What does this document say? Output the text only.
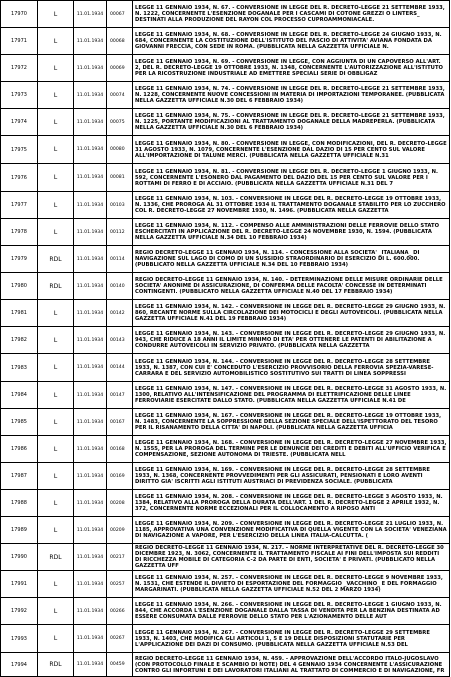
17970	L	11.01.1934 00067
LEGGE 11 GENNAIO 1934, N. 67. - CONVERSIONE IN LEGGE DEL R. DECRETO-LEGGE 21 SETTEMBRE 1933, N. 1222, CONCERNENTE L'ESENZIONE DOGANALE PER I CASCAMI DI COTONE GREZZI O LINTERS_ DESTINATI ALLA PRODUZIONE DEL RAYON COL PROCESSO CUPROAMMONIACALE.
17971	L	11.01.1934 00068
LEGGE 11 GENNAIO 1934, N. 68. - CONVERSIONE IN LEGGE DEL R. DECRETO-LEGGE 24 GIUGNO 1933, N. 684, CONCERNENTE LA COSTITUZIONE DELL'ISTITUTO DEL FASCIO DI ATTIVITA' AVIANA FONDATA DA GIOVANNI FRECCIA, CON SEDE IN ROMA. (PUBBLICATA NELLA GAZZETTA UFFICIALE N.
17972	L	11.01.1934 00069
LEGGE 11 GENNAIO 1934, N. 69. - CONVERSIONE IN LEGGE, CON AGGIUNTA DI UN CAPOVERSO ALL'ART. 2, DEL R. DECRETO-LEGGE 19 OTTOBRE 1933, N. 1348, CONCERNENTE L'AUTORIZZAZIONE ALL'ISTITUTO PER LA RICOSTRUZIONE INDUSTRIALE AD EMETTERE SPECIALI SERIE DI OBBLIGAZ
17973	L	11.01.1934 00074
LEGGE 11 GENNAIO 1934, N. 74. - CONVERSIONE IN LEGGE DEL R. DECRETO-LEGGE 21 SETTEMBRE 1933, N. 1228, CONCERNENTE NUOVE CONCESSIONI IN MATERIA DI IMPORTAZIONI TEMPORANEE. (PUBBLICATA NELLA GAZZETTA UFFICIALE N.30 DEL 6 FEBBRAIO 1934)
17974	L	11.01.1934 00075
LEGGE 11 GENNAIO 1934, N. 75. - CONVERSIONE IN LEGGE DEL R. DECRETO-LEGGE 21 SETTEMBRE 1933, N. 1225, PORTANTE MODIFICAZIONI AL TRATTAMENTO DOGANALE DELLA MADREPERLA. (PUBBLICATA NELLA GAZZETTA UFFICIALE N.30 DEL 6 FEBBRAIO 1934)
17975	L	11.01.1934 00080
LEGGE 11 GENNAIO 1934, N. 80. - CONVERSIONE IN LEGGE, CON MODIFICAZIONI, DEL R. DECRETO-LEGGE 31 AGOSTO 1933, N. 1079, CONCERNENTE L'ESENZIONE DAL DAZIO DI 15 PER CENTO SUL VALORE ALL'IMPORTAZIONE DI TALUNE MERCI. (PUBBLICATA NELLA GAZZETTA UFFICIALE N.31
17976	L	11.01.1934 00081
LEGGE 11 GENNAIO 1934, N. 81. - CONVERSIONE IN LEGGE DEL R. DECRETO-LEGGE 1 GIUGNO 1933, N. 592, CONCERNENTE L'ESONERO DAL PAGAMENTO DEL DAZIO DEL 15 PER CENTO SUL VALORE PER I ROTTAMI DI FERRO E DI ACCIAIO. (PUBBLICATA NELLA GAZZETTA UFFICIALE N.31 DEL 7
17977	L	11.01.1934 00103
LEGGE 11 GENNAIO 1934, N. 103. - CONVERSIONE IN LEGGE DEL R. DECRETO-LEGGE 19 OTTOBRE 1933, N. 1336, CHE PROROGA AL 31 OTTOBRE 1934 IL TRATTAMENTO DOGANALE STABILITO PER LO ZUCCHERO COL R. DECRETO-LEGGE 27 NOVEMBRE 1930, N. 1496. (PUBBLICATA NELLA GAZZETTA
17978	L	11.01.1934 00112
LEGGE 11 GENNAIO 1934, N. 112. - COMPENSO ALLE AMMINISTRAZIONI DELLE FERROVIE DELLO STATO ESCHERCITATI IN APPLICAZIONE DEL R. DECRETO-LEGGE 24 NOVEMBRE 1930, N. 1594. (PUBBLICATA NELLA GAZZETTA UFFICIALE N.34 DEL 10 FEBBRAIO 1934)
17979	RDL	11.01.1934 00114
REGIO DECRETO-LEGGE 11 GENNAIO 1934, N. 114. - CONCESSIONE ALLA SOCIETA' _ITALIANA_ DI NAVIGAZIONE SUL LAGO DI COMO DI UN SUSSIDIO STRAORDINARIO DI ESERCIZIO DI L. 600.000. (PUBBLICATO NELLA GAZZETTA UFFICIALE N.34 DEL 10 FEBBRAIO 1934)
17980	RDL	11.01.1934 00140
REGIO DECRETO-LEGGE 11 GENNAIO 1934, N. 140. - DETERMINAZIONE DELLE MISURE ORDINARIE DELLE SOCIETA' ANONIME DI ASSICURAZIONE, DI CONFERMA DELLE FACOLTA' CONCESSE IN DETERMINATI CONTINGENTI. (PUBBLICATO NELLA GAZZETTA UFFICIALE N.40 DEL 17 FEBBRAIO 1934)
17981	L	11.01.1934 00142
LEGGE 11 GENNAIO 1934, N. 142. - CONVERSIONE IN LEGGE DEL R. DECRETO-LEGGE 29 GIUGNO 1933, N. 860, RECANTE NORME SULLA CIRCOLAZIONE DEI MOTOCICLI E DEGLI AUTOVEICOLI. (PUBBLICATA NELLA GAZZETTA UFFICIALE N.41 DEL 19 FEBBRAIO 1934)
17982	L	11.01.1934 00143
LEGGE 11 GENNAIO 1934, N. 143. - CONVERSIONE IN LEGGE DEL R. DECRETO-LEGGE 29 GIUGNO 1933, N. 943, CHE RIDUCE A 18 ANNI IL LIMITE MINIMO DI ETA' PER OTTENERE LE PATENTI DI ABILITAZIONE A CONDURRE AUTOVEICOLI IN SERVIZIO PRIVATO. (PUBBLICATA NELLA GAZZETTA
17983	L	11.01.1934 00144
LEGGE 11 GENNAIO 1934, N. 144. - CONVERSIONE IN LEGGE DEL R. DECRETO-LEGGE 28 SETTEMBRE 1933, N. 1387, CON CUI E' CONCEDUTO L'ESERCIZIO PROVVISORIO DELLA FERROVIA SPEZIA-VARESE-CARRARA E DEL SERVIZIO AUTOMOBILISTICO SOSTITUTIVO SUI TRATTI DI LINEA SOPPRESSI
17984	L	11.01.1934 00147
LEGGE 11 GENNAIO 1934, N. 147. - CONVERSIONE IN LEGGE DEL R. DECRETO-LEGGE 31 AGOSTO 1933, N. 1300, RELATIVO ALL'INTENSIFICAZIONE DEL PROGRAMMA DI ELETTRIFICAZIONE DELLE LINEE FERROVIARIE ESERCITATE DALLO STATO. (PUBBLICATA NELLA GAZZETTA UFFICIALE N.41 DE
17985	L	11.01.1934 00167
LEGGE 11 GENNAIO 1934, N. 167. - CONVERSIONE IN LEGGE DEL R. DECRETO-LEGGE 19 OTTOBRE 1933, N. 1483, CONCERNENTE LA SOPPRESSIONE DELLA SEZIONE SPECIALE DELL'ISPETTORATO DEL TESORO PER IL RISANAMENTO DELLA CITTA' DI NAPOLI. (PUBBLICATA NELLA GAZZETTA UFFICIA
17986	L	11.01.1934 00168
LEGGE 11 GENNAIO 1934, N. 168. - CONVERSIONE IN LEGGE DEL R. DECRETO-LEGGE 27 NOVEMBRE 1933, N. 1555, PER LA PROROGA DEL TERMINE PER LE DENUNCIE DEI CREDITI E DEBITI ALL'UFFICIO VERIFICA E COMPENSAZIONE, SEZIONE AUTONOMA DI TRIESTE. (PUBBLICATA NELL
17987	L	11.01.1934 00169
LEGGE 11 GENNAIO 1934, N. 169. - CONVERSIONE IN LEGGE DEL R. DECRETO-LEGGE 28 SETTEMBRE 1933, N. 1368, CONCERNENTE PROVVEDIMENTI PER GLI ASSICURATI, PENSIONATI E LORO AVENTI DIRITTO GIA' ISCRITTI AGLI ISTITUTI AUSTRIACI DI PREVIDENZA SOCIALE. (PUBBLICATA
17988	L	11.01.1934 00208
LEGGE 11 GENNAIO 1934, N. 208. - CONVERSIONE IN LEGGE DEL R. DECRETO-LEGGE 3 AGOSTO 1933, N. 1384, RELATIVO ALLA PROROGA DELLA DURATA DELL'ART. 1 DEL R. DECRETO-LEGGE 2 APRILE 1932, N. 372, CONCERNENTE NORME ECCEZIONALI PER IL COLLOCAMENTO A RIPOSO ANTI
17989	L	11.01.1934 00209
LEGGE 11 GENNAIO 1934, N. 209. - CONVERSIONE IN LEGGE DEL R. DECRETO-LEGGE 21 LUGLIO 1933, N. 1185, APPROVATIVA UNA CONVENZIONE MODIFICATIVA DI QUELLA VIGENTE CON LA SOCIETA' VENEZIANA DI NAVIGAZIONE A VAPORE, PER L'ESERCIZIO DELLA LINEA ITALIA-CALCUTTA. (
17990	RDL	11.01.1934 00217
REGIO DECRETO-LEGGE 11 GENNAIO 1934, N. 217. - NORME INTERPRETATIVE DEL R. DECRETO-LEGGE 30 DICEMBRE 1923, N. 3062, CONCERNENTE IL TRATTAMENTO FISCALE AI FINI DELL'IMPOSTA SUI REDDITI DI RICCHEZZA MOBILE DI CATEGORIA C-2 DA PARTE DI ENTI, SOCIETA' E PRIVATI. (PUBBLICATO NELLA GAZZETTA UFF
17991	L	11.01.1934 00257
LEGGE 11 GENNAIO 1934, N. 257. - CONVERSIONE IN LEGGE DEL R. DECRETO-LEGGE 9 NOVEMBRE 1933, N. 1531, CHE ESTENDE IL DIVIETO DI ESPORTAZIONE DEL FORMAGGIO _VACCHINO_ E DEL FORMAGGIO MARGARINATI. (PUBBLICATA NELLA GAZZETTA UFFICIALE N.52 DEL 2 MARZO 1934)
17992	L	11.01.1934 00266
LEGGE 11 GENNAIO 1934, N. 266. - CONVERSIONE IN LEGGE DEL R. DECRETO-LEGGE 1 GIUGNO 1933, N. 844, CHE ACCORDA L'ESENZIONE DOGANALE DALLA TASSA DI VENDITA PER LA BENZINA DESTINATA AD ESSERE CONSUMATA DALLE FERROVIE DELLO STATO PER L'AZIONAMENTO DELLE AUT
17993	L	11.01.1934 00267
LEGGE 11 GENNAIO 1934, N. 267. - CONVERSIONE IN LEGGE DEL R. DECRETO-LEGGE 29 SETTEMBRE 1933, N. 1403, CHE MODIFICA GLI ARTICOLI 1, 5 E 19 DELLE DISPOSIZIONI STATUTARIE PER L'APPLICAZIONE DEI DAZI DI CONSUMO. (PUBBLICATA NELLA GAZZETTA UFFICIALE N.53 DEL
17994	RDL	11.01.1934 00459
REGIO DECRETO-LEGGE 11 GENNAIO 1934, N. 459. - APPROVAZIONE DELL'ACCORDO ITALO-JUGOSLAVO (CON PROTOCOLLO FINALE E SCAMBIO DI NOTE) DEL 4 GENNAIO 1934 CONCERNENTE L'ASSICURAZIONE CONTRO GLI INFORTUNI E DEI LAVORATORI ITALIANI AL TRATTATO DI COMMERCIO E DI NAVIGAZIONE, FR
